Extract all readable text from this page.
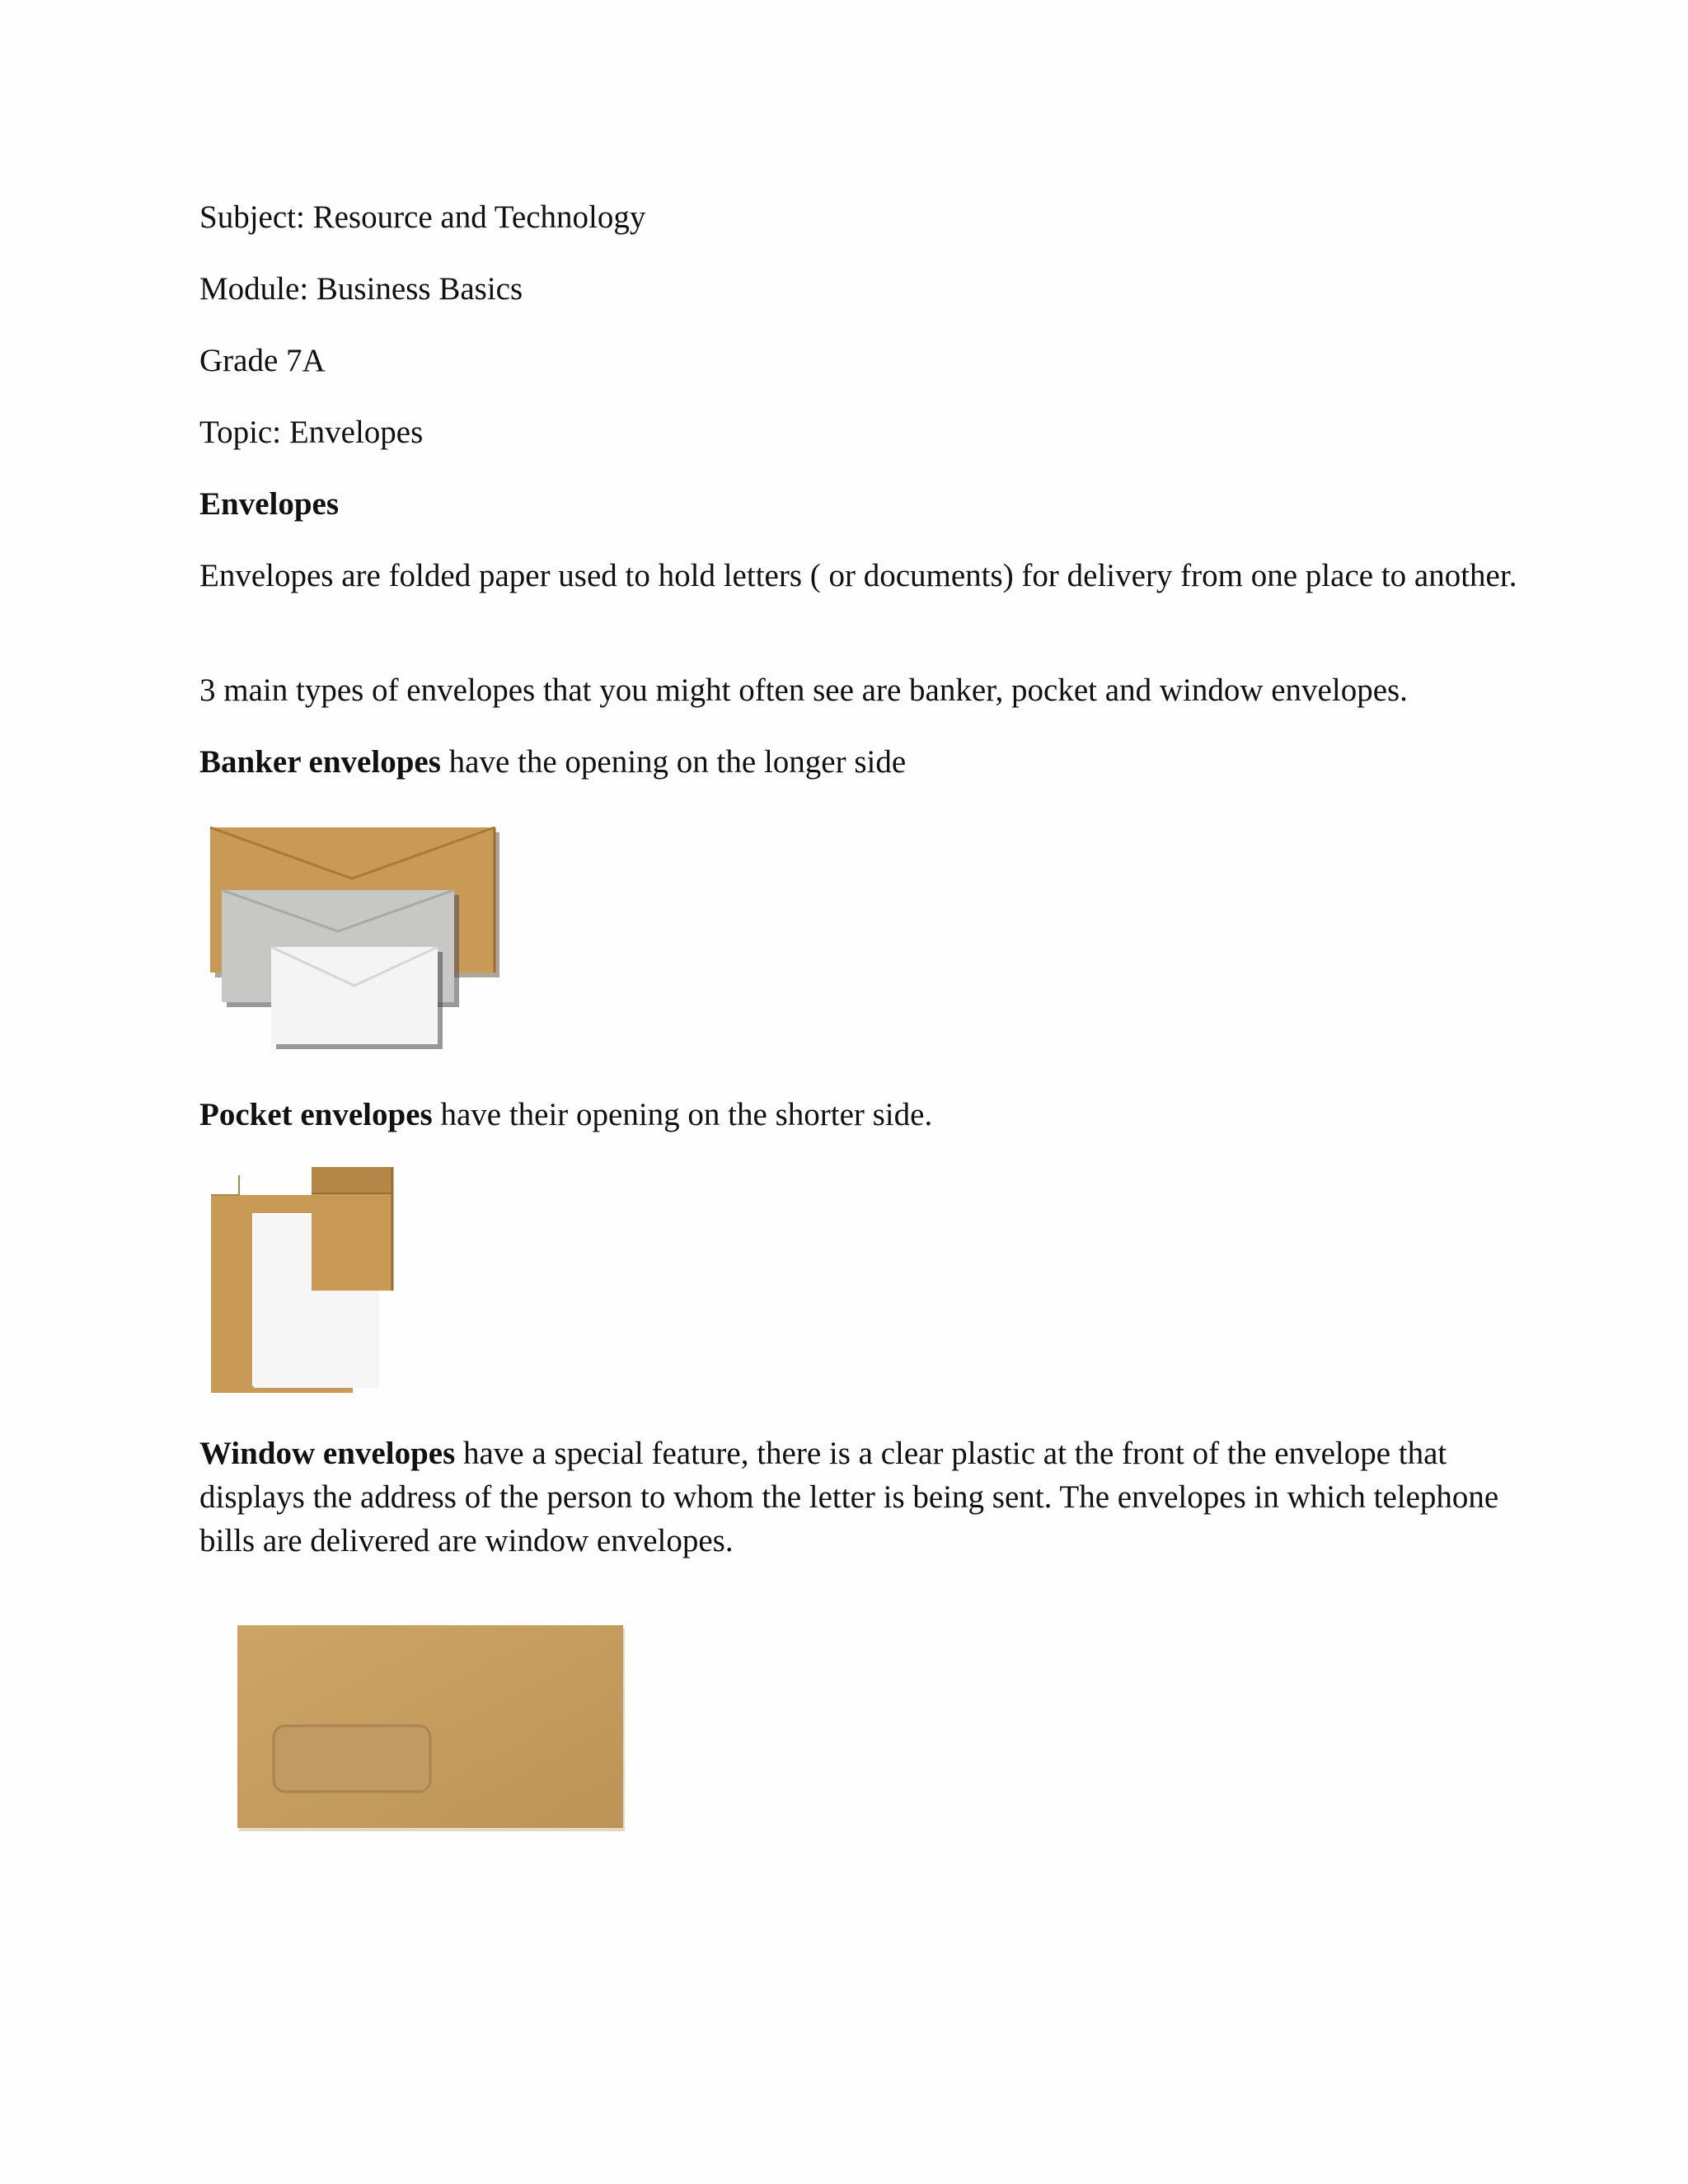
Subject: Resource and Technology

Module: Business Basics

Grade 7A

Topic: Envelopes

Envelopes

Envelopes are folded paper used to hold letters ( or documents) for delivery from one place to another.

3 main types of envelopes that you might often see are banker, pocket and window envelopes.

Banker envelopes have the opening on the longer side

Pocket envelopes have their opening on the shorter side.

Window envelopes have a special feature, there is a clear plastic at the front of the envelope that displays the address of the person to whom the letter is being sent. The envelopes in which telephone bills are delivered are window envelopes.
